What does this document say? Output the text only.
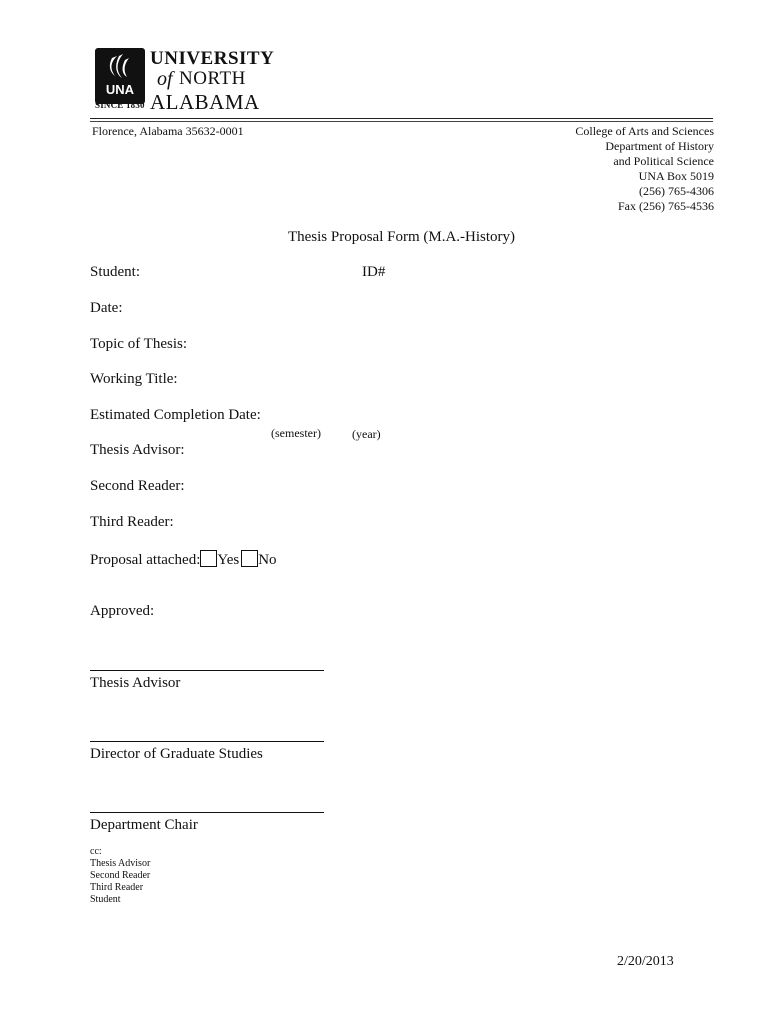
UNA
SINCE 1830
UNIVERSITY
of NORTH
ALABAMA
Florence, Alabama 35632-0001	College of Arts and Sciences
Department of History
and Political Science
UNA Box 5019
(256) 765-4306
Fax (256) 765-4536
Thesis Proposal Form (M.A.-History)
Student:	ID#
Date:
Topic of Thesis:
Working Title:
Estimated Completion Date:
(semester)	(year)
Thesis Advisor:
Second Reader:
Third Reader:
Proposal attached: Yes No
Approved:
Thesis Advisor
Director of Graduate Studies
Department Chair
cc:
Thesis Advisor
Second Reader
Third Reader
Student
2/20/2013
